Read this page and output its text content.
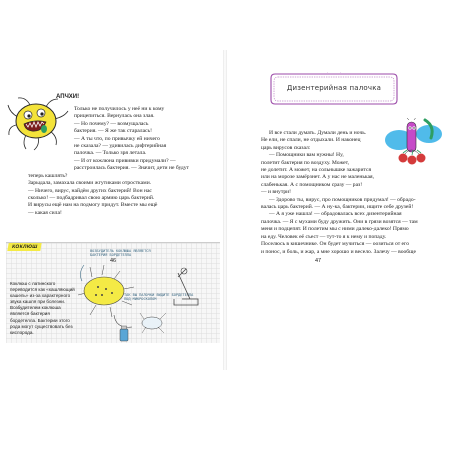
АПЧХИ!
Только не получилось у неё ни к кому
прицепиться. Вернулась она злая.
— Но почему? — возмущалась
бактерия. — Я же так старалась!
— А ты что, по привычку ей ничего
не сказала? — удивилась дифтерийная
палочка. — Только зря летала.
— И от кожлюна прививки придумали? —
расстроилась бактерия. — Значит, дети не будут
теперь кашлять?
Зарыдала, замахала своими жгутиками отростками.
— Ничего, вирус, найдём других бактерий! Вон нас
сколько! — подбадривал свою армию царь бактерий.
И вирусы ещё нам на подмогу придут. Вместе мы ещё
— какая сила!
КОКЛЮШ
Коклюш с латинского переводится как «кашляющий кашель» из-за характерного звука кашля при болезни. Возбудителем коклюша является бактерия бордетелла. Бактерии этого рода могут существовать без кислорода.
ВОЗБУДИТЕЛЬ КОКЛЮША ЯВЛЯЕТСЯ БАКТЕРИЯ БОРДЕТЕЛЛА
ТАК ВЫ ПАЛОЧКИ ВИДИТЕ БОРДЕТЕЛЛА ПОД МИКРОСКОПОМ
46
Дизентерийная палочка
И все стали думать. Думали день и ночь.
Не ели, не спали, не отдыхали. И наконец
царь вирусов сказал:
— Помощники вам нужны! Ну,
полетит бактерия по воздуху. Может,
не долетит. А может, на сольнышке зажарится
или на морозе замёрзнет. А у нас не маленькая,
слабенькая. А с помощником сразу — раз!
— и внутри!
— Здорово ты, вирус, про помощников придумал! — обрадо-
валась царь бактерий. — А ну-ка, бактерии, ищите себе друзей!
— А я уже нашла! — обрадовалась всех дизентерийная
палочка. — Я с мухами буду дружить. Они в грязи возятся — там
меня и подцепят. И полетим мы с ними далеко-далеко! Прямо
на еду. Человек её съест — тут-то я к нему и попаду.
Поселюсь в кишечнике. Он будет мучиться — оозиться от его
и понос, и боль, и жар, а мне хорошо и весело. Залечу — вообще
47
